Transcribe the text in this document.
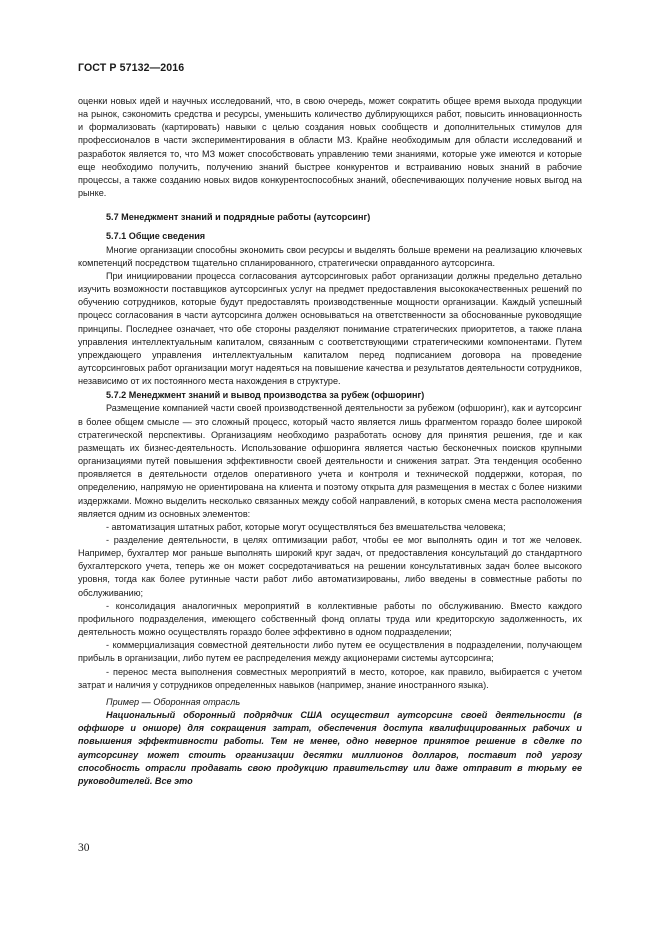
ГОСТ Р 57132—2016

оценки новых идей и научных исследований, что, в свою очередь, может сократить общее время выхода продукции на рынок, сэкономить средства и ресурсы, уменьшить количество дублирующихся работ, повысить инновационность и формализовать (картировать) навыки с целью создания новых сообществ и дополнительных стимулов для профессионалов в части экспериментирования в области МЗ. Крайне необходимым для области исследований и разработок является то, что МЗ может способствовать управлению теми знаниями, которые уже имеются и которые еще необходимо получить, получению знаний быстрее конкурентов и встраиванию новых знаний в рабочие процессы, а также созданию новых видов конкурентоспособных знаний, обеспечивающих получение новых выгод на рынке.

5.7 Менеджмент знаний и подрядные работы (аутсорсинг)

5.7.1 Общие сведения

Многие организации способны экономить свои ресурсы и выделять больше времени на реализацию ключевых компетенций посредством тщательно спланированного, стратегически оправданного аутсорсинга.

При инициировании процесса согласования аутсорсинговых работ организации должны предельно детально изучить возможности поставщиков аутсорсингых услуг на предмет предоставления высококачественных решений по обучению сотрудников, которые будут предоставлять производственные мощности организации. Каждый успешный процесс согласования в части аутсорсинга должен основываться на ответственности за обоснованные руководящие принципы. Последнее означает, что обе стороны разделяют понимание стратегических приоритетов, а также плана управления интеллектуальным капиталом, связанным с соответствующими стратегическими компонентами. Путем упреждающего управления интеллектуальным капиталом перед подписанием договора на проведение аутсорсинговых работ организации могут надеяться на повышение качества и результатов деятельности сотрудников, независимо от их постоянного места нахождения в структуре.

5.7.2 Менеджмент знаний и вывод производства за рубеж (офшоринг)

Размещение компанией части своей производственной деятельности за рубежом (офшоринг), как и аутсорсинг в более общем смысле — это сложный процесс, который часто является лишь фрагментом гораздо более широкой стратегической перспективы. Организациям необходимо разработать основу для принятия решения, где и как размещать их бизнес-деятельность. Использование офшоринга является частью бесконечных поисков крупными организациями путей повышения эффективности своей деятельности и снижения затрат. Эта тенденция особенно проявляется в деятельности отделов оперативного учета и контроля и технической поддержки, которая, по определению, напрямую не ориентирована на клиента и поэтому открыта для размещения в местах с более низкими издержками. Можно выделить несколько связанных между собой направлений, в которых смена места расположения является одним из основных элементов:

- автоматизация штатных работ, которые могут осуществляться без вмешательства человека;

- разделение деятельности, в целях оптимизации работ, чтобы ее мог выполнять один и тот же человек. Например, бухгалтер мог раньше выполнять широкий круг задач, от предоставления консультаций до стандартного бухгалтерского учета, теперь же он может сосредотачиваться на решении консультативных задач более высокого уровня, тогда как более рутинные части работ либо автоматизированы, либо введены в совместные работы по обслуживанию;

- консолидация аналогичных мероприятий в коллективные работы по обслуживанию. Вместо каждого профильного подразделения, имеющего собственный фонд оплаты труда или кредиторскую задолженность, их деятельность можно осуществлять гораздо более эффективно в одном подразделении;

- коммерциализация совместной деятельности либо путем ее осуществления в подразделении, получающем прибыль в организации, либо путем ее распределения между акционерами системы аутсорсинга;

- перенос места выполнения совместных мероприятий в место, которое, как правило, выбирается с учетом затрат и наличия у сотрудников определенных навыков (например, знание иностранного языка).

Пример — Оборонная отрасль

Национальный оборонный подрядчик США осуществил аутсорсинг своей деятельности (в оффшоре и оншоре) для сокращения затрат, обеспечения доступа квалифицированных рабочих и повышения эффективности работы. Тем не менее, одно неверное принятое решение в сделке по аутсорсингу может стоить организации десятки миллионов долларов, поставит под угрозу способность отрасли продавать свою продукцию правительству или даже отправит в тюрьму ее руководителей. Все это

30
